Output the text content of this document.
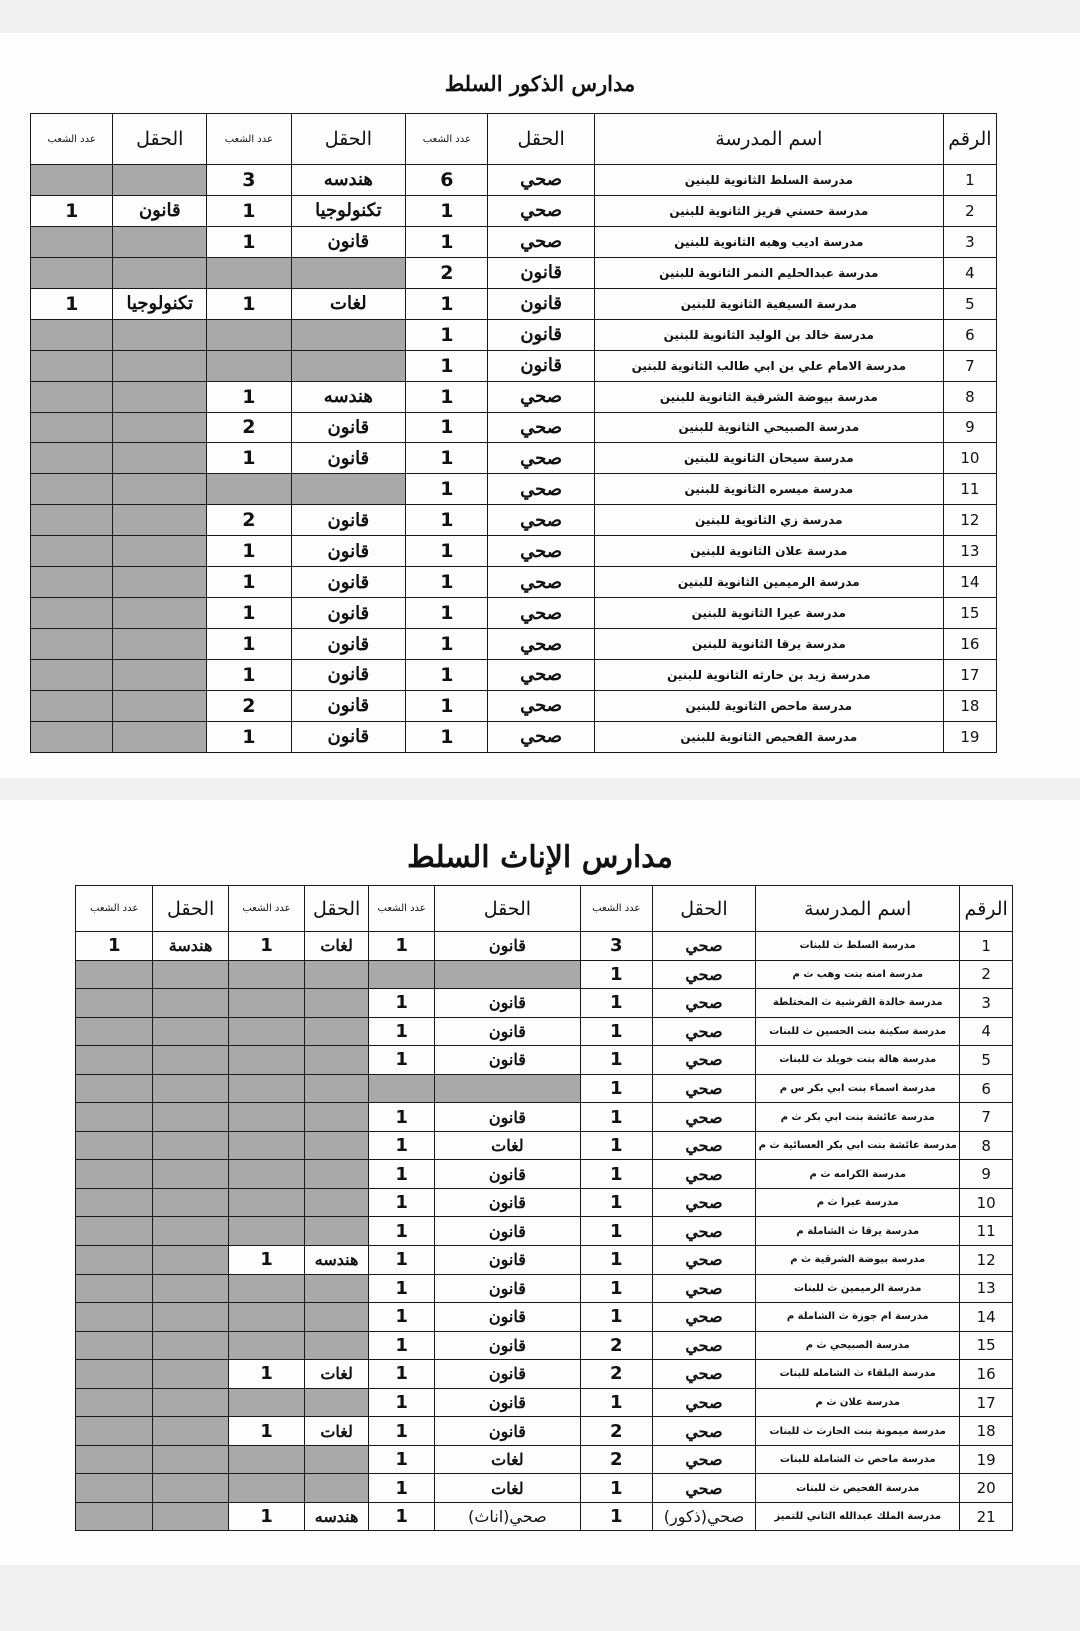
مدارس الذكور السلط
الرقم	اسم المدرسة	الحقل	عدد الشعب	الحقل	عدد الشعب	الحقل	عدد الشعب
1	مدرسة السلط الثانوية للبنين	صحي	6	هندسه	3		
2	مدرسة حسني فريز الثانوية للبنين	صحي	1	تكنولوجيا	1	قانون	1
3	مدرسة اديب وهبه الثانوية للبنين	صحي	1	قانون	1		
4	مدرسة عبدالحليم النمر الثانوية للبنين	قانون	2				
5	مدرسة السيفية الثانوية للبنين	قانون	1	لغات	1	تكنولوجيا	1
6	مدرسة خالد بن الوليد الثانوية للبنين	قانون	1				
7	مدرسة الامام علي بن ابي طالب الثانوية للبنين	قانون	1				
8	مدرسة بيوضة الشرقية الثانوية للبنين	صحي	1	هندسه	1		
9	مدرسة الصبيحي الثانوية للبنين	صحي	1	قانون	2		
10	مدرسة سيحان الثانوية للبنين	صحي	1	قانون	1		
11	مدرسة ميسره الثانوية للبنين	صحي	1				
12	مدرسة زي الثانوية للبنين	صحي	1	قانون	2		
13	مدرسة علان الثانوية للبنين	صحي	1	قانون	1		
14	مدرسة الرميمين الثانوية للبنين	صحي	1	قانون	1		
15	مدرسة عيرا الثانوية للبنين	صحي	1	قانون	1		
16	مدرسة يرقا الثانوية للبنين	صحي	1	قانون	1		
17	مدرسة زيد بن حارثه الثانوية للبنين	صحي	1	قانون	1		
18	مدرسة ماحص الثانوية للبنين	صحي	1	قانون	2		
19	مدرسة الفحيص الثانوية للبنين	صحي	1	قانون	1		
مدارس الإناث السلط
الرقم	اسم المدرسة	الحقل	عدد الشعب	الحقل	عدد الشعب	الحقل	عدد الشعب	الحقل	عدد الشعب
1	مدرسة السلط ث للبنات	صحي	3	قانون	1	لغات	1	هندسة	1
2	مدرسة امنه بنت وهب ث م	صحي	1						
3	مدرسة خالدة القرشية ث المختلطة	صحي	1	قانون	1				
4	مدرسة سكينة بنت الحسين ث للبنات	صحي	1	قانون	1				
5	مدرسة هالة بنت خويلد ث للبنات	صحي	1	قانون	1				
6	مدرسة اسماء بنت ابي بكر س م	صحي	1						
7	مدرسة عائشة بنت ابي بكر ث م	صحي	1	قانون	1				
8	مدرسة عائشة بنت ابي بكر العسائية ث م	صحي	1	لغات	1				
9	مدرسة الكرامه ث م	صحي	1	قانون	1				
10	مدرسة عيرا ث م	صحي	1	قانون	1				
11	مدرسة يرقا ث الشاملة م	صحي	1	قانون	1				
12	مدرسة بيوضة الشرقية ث م	صحي	1	قانون	1	هندسه	1		
13	مدرسة الرميمين ث للبنات	صحي	1	قانون	1				
14	مدرسة ام جوزة ث الشاملة م	صحي	1	قانون	1				
15	مدرسة الصبيحي ث م	صحي	2	قانون	1				
16	مدرسة البلقاء ث الشامله للبنات	صحي	2	قانون	1	لغات	1		
17	مدرسة علان ث م	صحي	1	قانون	1				
18	مدرسة ميمونة بنت الحارث ث للبنات	صحي	2	قانون	1	لغات	1		
19	مدرسة ماحص ث الشاملة للبنات	صحي	2	لغات	1				
20	مدرسة الفحيص ث للبنات	صحي	1	لغات	1				
21	مدرسة الملك عبدالله الثاني للتميز	صحي(ذكور)	1	صحي(اناث)	1	هندسه	1		
